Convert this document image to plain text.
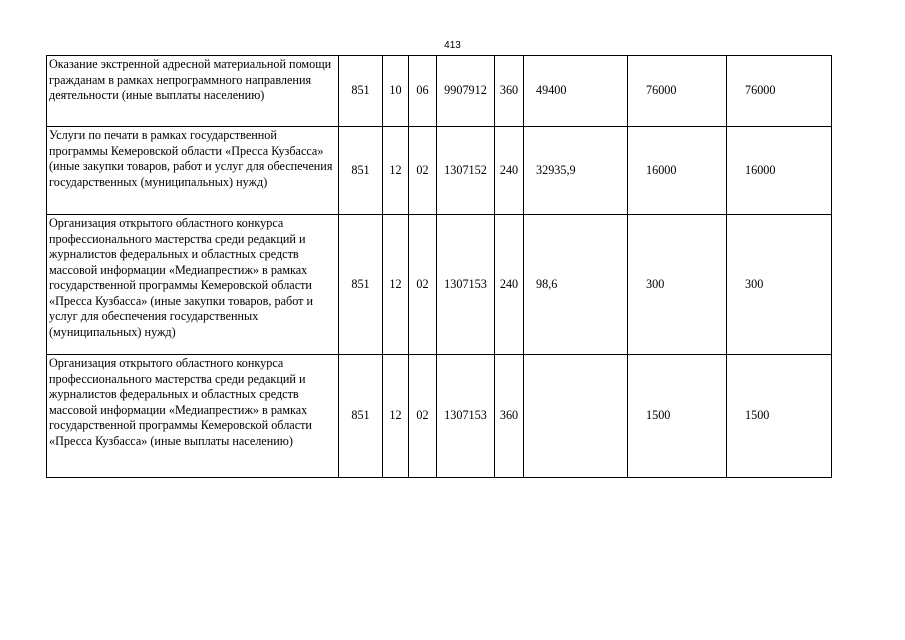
413
Оказание экстренной адресной материальной помощи гражданам в рамках непрограммного направления деятельности (иные выплаты населению)	851	10	06	9907912	360	49400	76000	76000
Услуги по печати в рамках государственной программы Кемеровской области «Пресса Кузбасса» (иные закупки товаров, работ и услуг для обеспечения государственных (муниципальных) нужд)	851	12	02	1307152	240	32935,9	16000	16000
Организация открытого областного конкурса профессионального мастерства среди редакций и журналистов федеральных и областных средств массовой информации «Медиапрестиж» в рамках государственной программы Кемеровской области «Пресса Кузбасса» (иные закупки товаров, работ и услуг для обеспечения государственных (муниципальных) нужд)	851	12	02	1307153	240	98,6	300	300
Организация открытого областного конкурса профессионального мастерства среди редакций и журналистов федеральных и областных средств массовой информации «Медиапрестиж» в рамках государственной программы Кемеровской области «Пресса Кузбасса» (иные выплаты населению)	851	12	02	1307153	360		1500	1500
